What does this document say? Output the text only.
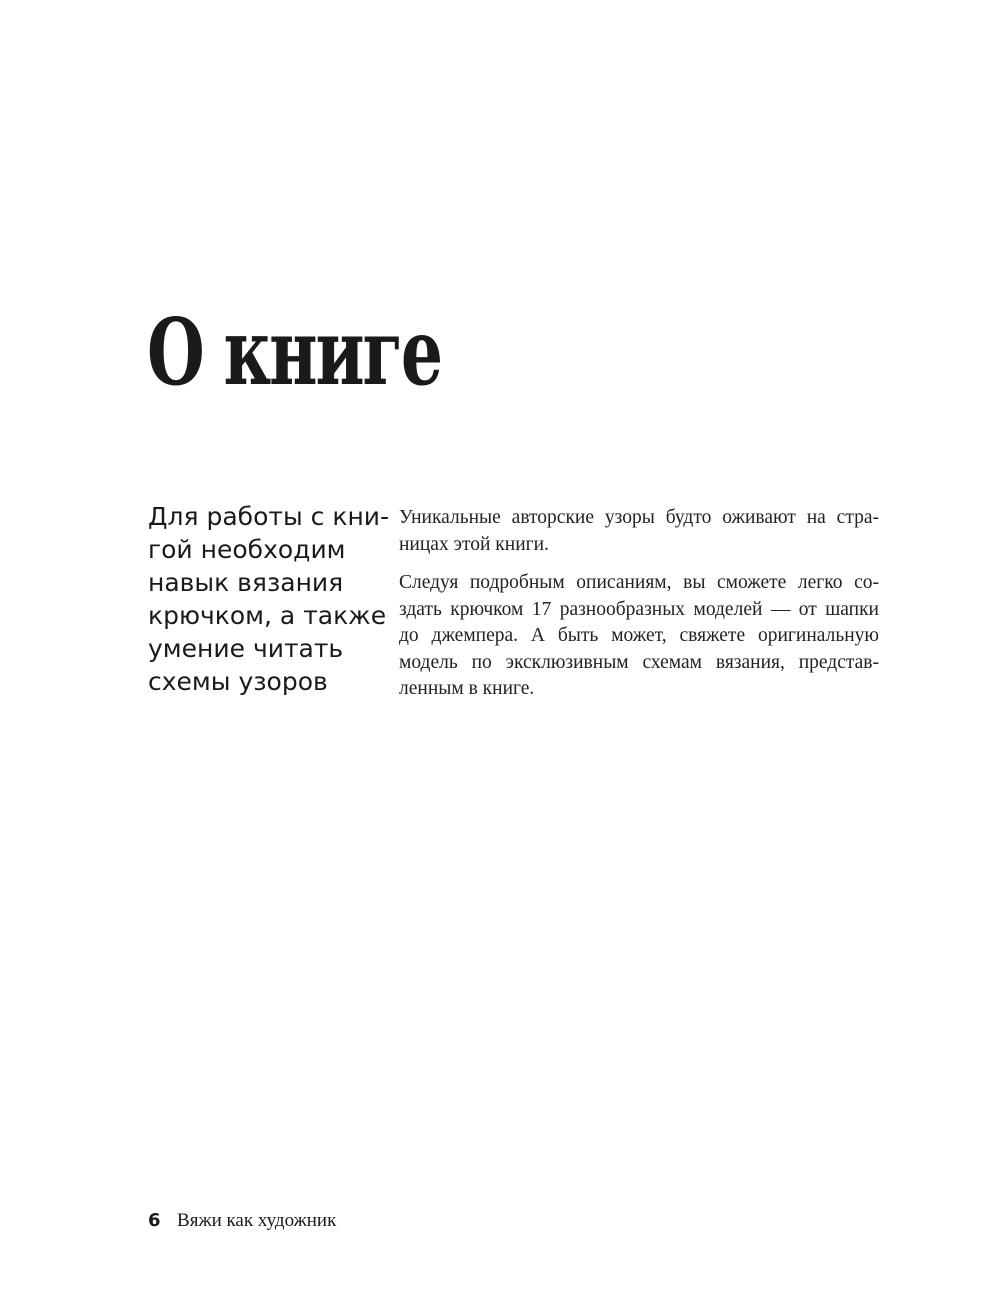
О книге
Для работы с кни-
гой необходим
навык вязания
крючком, а также
умение читать
схемы узоров

Уникальные авторские узоры будто оживают на стра-
ницах этой книги.

Следуя подробным описаниям, вы сможете легко со-
здать крючком 17 разнообразных моделей — от шапки
до джемпера. А быть может, свяжете оригинальную
модель по эксклюзивным схемам вязания, представ-
ленным в книге.

6 Вяжи как художник
